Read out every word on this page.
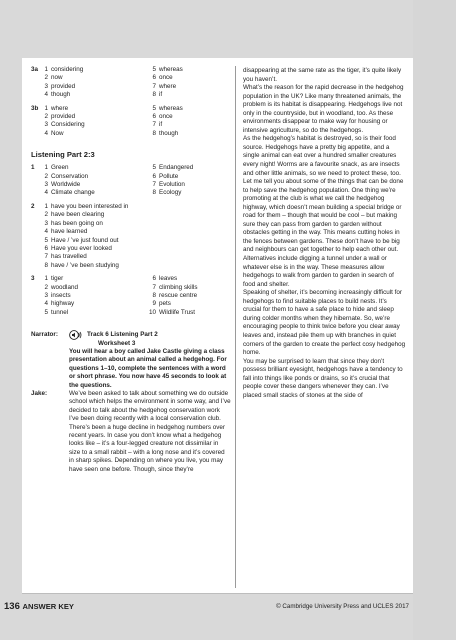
3a	1 considering
2 now
3 provided
4 though
5 whereas
6 once
7 where
8 if
3b 1 where
2 provided
3 Considering
4 Now
5 whereas
6 once
7 if
8 though
Listening Part 2:3
1	1 Green
2 Conservation
3 Worldwide
4 Climate change
5 Endangered
6 Pollute
7 Evolution
8 Ecology
2	1 have you been interested in
2 have been clearing
3 has been going on
4 have learned
5 Have / ’ve just found out
6 Have you ever looked
7 has travelled
8 have / ’ve been studying
3	1 tiger
2 woodland
3 insects
4 highway
5 tunnel
6 leaves
7 climbing skills
8 rescue centre
9 pets
10 Wildlife Trust
Narrator:	Track 6 Listening Part 2
Worksheet 3
You will hear a boy called Jake Castle giving a class presentation about an animal called a hedgehog. For questions 1–10, complete the sentences with a word or short phrase. You now have 45 seconds to look at the questions.
Jake:	We’ve been asked to talk about something we do outside school which helps the environment in some way, and I’ve decided to talk about the hedgehog conservation work I’ve been doing recently with a local conservation club.
There’s been a huge decline in hedgehog numbers over recent years. In case you don’t know what a hedgehog looks like – it’s a four-legged creature not dissimilar in size to a small rabbit – with a long nose and it’s covered in sharp spikes. Depending on where you live, you may have seen one before. Though, since they’re
disappearing at the same rate as the tiger, it’s quite likely you haven’t.
What’s the reason for the rapid decrease in the hedgehog population in the UK? Like many threatened animals, the problem is its habitat is disappearing. Hedgehogs live not only in the countryside, but in woodland, too. As these environments disappear to make way for housing or intensive agriculture, so do the hedgehogs.
As the hedgehog’s habitat is destroyed, so is their food source. Hedgehogs have a pretty big appetite, and a single animal can eat over a hundred smaller creatures every night! Worms are a favourite snack, as are insects and other little animals, so we need to protect these, too.
Let me tell you about some of the things that can be done to help save the hedgehog population. One thing we’re promoting at the club is what we call the hedgehog highway, which doesn’t mean building a special bridge or road for them – though that would be cool – but making sure they can pass from garden to garden without obstacles getting in the way. This means cutting holes in the fences between gardens. These don’t have to be big and neighbours can get together to help each other out. Alternatives include digging a tunnel under a wall or whatever else is in the way. These measures allow hedgehogs to walk from garden to garden in search of food and shelter.
Speaking of shelter, it’s becoming increasingly difficult for hedgehogs to find suitable places to build nests. It’s crucial for them to have a safe place to hide and sleep during colder months when they hibernate. So, we’re encouraging people to think twice before you clear away leaves and, instead pile them up with branches in quiet corners of the garden to create the perfect cosy hedgehog home.
You may be surprised to learn that since they don’t possess brilliant eyesight, hedgehogs have a tendency to fall into things like ponds or drains, so it’s crucial that people cover these dangers whenever they can. I’ve placed small stacks of stones at the side of
136 ANSWER KEY	© Cambridge University Press and UCLES 2017
